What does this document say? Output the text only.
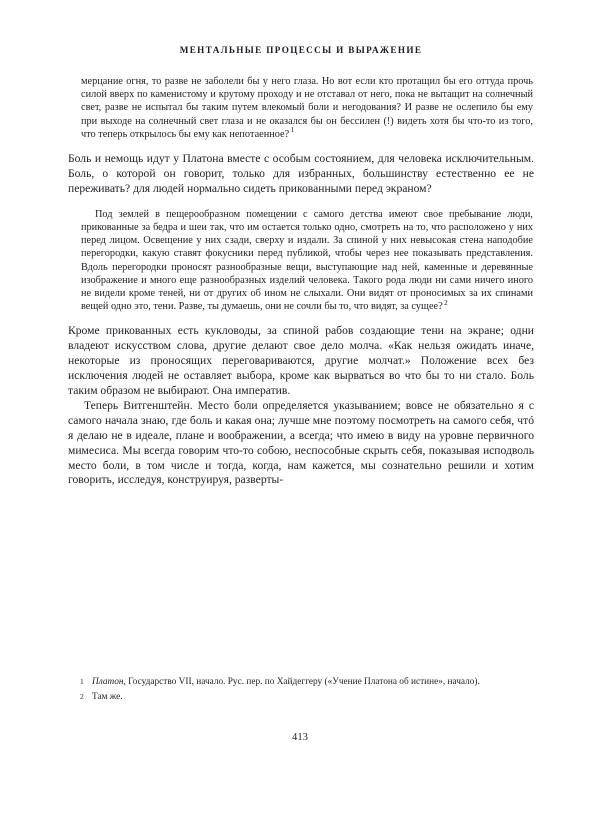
МЕНТАЛЬНЫЕ ПРОЦЕССЫ И ВЫРАЖЕНИЕ

мерцание огня, то разве не заболели бы у него глаза. Но вот если кто протащил бы его оттуда прочь силой вверх по каменистому и крутому проходу и не отставал от него, пока не вытащит на солнечный свет, разве не испытал бы таким путем влекомый боли и негодования? И разве не ослепило бы ему при выходе на солнечный свет глаза и не оказался бы он бессилен (!) видеть хотя бы что-то из того, что теперь открылось бы ему как непотаенное? $^1$

Боль и немощь идут у Платона вместе с особым состоянием, для человека исключительным. Боль, о которой он говорит, только для избранных, большинству естественно ее не переживать? для людей нормально сидеть прикованными перед экраном?

Под землей в пещерообразном помещении с самого детства имеют свое пребывание люди, прикованные за бедра и шеи так, что им остается только одно, смотреть на то, что расположено у них перед лицом. Освещение у них сзади, сверху и издали. За спиной у них невысокая стена наподобие перегородки, какую ставят фокусники перед публикой, чтобы через нее показывать представления. Вдоль перегородки проносят разнообразные вещи, выступающие над ней, каменные и деревянные изображение и много еще разнообразных изделий человека. Такого рода люди ни сами ничего иного не видели кроме теней, ни от других об ином не слыхали. Они видят от проносимых за их спинами вещей одно это, тени. Разве, ты думаешь, они не сочли бы то, что видят, за сущее? $^2$

Кроме прикованных есть кукловоды, за спиной рабов создающие тени на экране; одни владеют искусством слова, другие делают свое дело молча. «Как нельзя ожидать иначе, некоторые из проносящих переговариваются, другие молчат.» Положение всех без исключения людей не оставляет выбора, кроме как вырваться во что бы то ни стало. Боль таким образом не выбирают. Она императив.

Теперь Витгенштейн. Место боли определяется указыванием; вовсе не обязательно я с самого начала знаю, где боль и какая она; лучше мне поэтому посмотреть на самого себя, чтó я делаю не в идеале, плане и воображении, а всегда; что имею в виду на уровне первичного мимесиса. Мы всегда говорим что-то собою, неспособные скрыть себя, показывая исподволь место боли, в том числе и тогда, когда, нам кажется, мы сознательно решили и хотим говорить, исследуя, конструируя, разверты-

1 Платон, Государство VII, начало. Рус. пер. по Хайдеггеру («Учение Платона об истине», начало).

2 Там же.

413
